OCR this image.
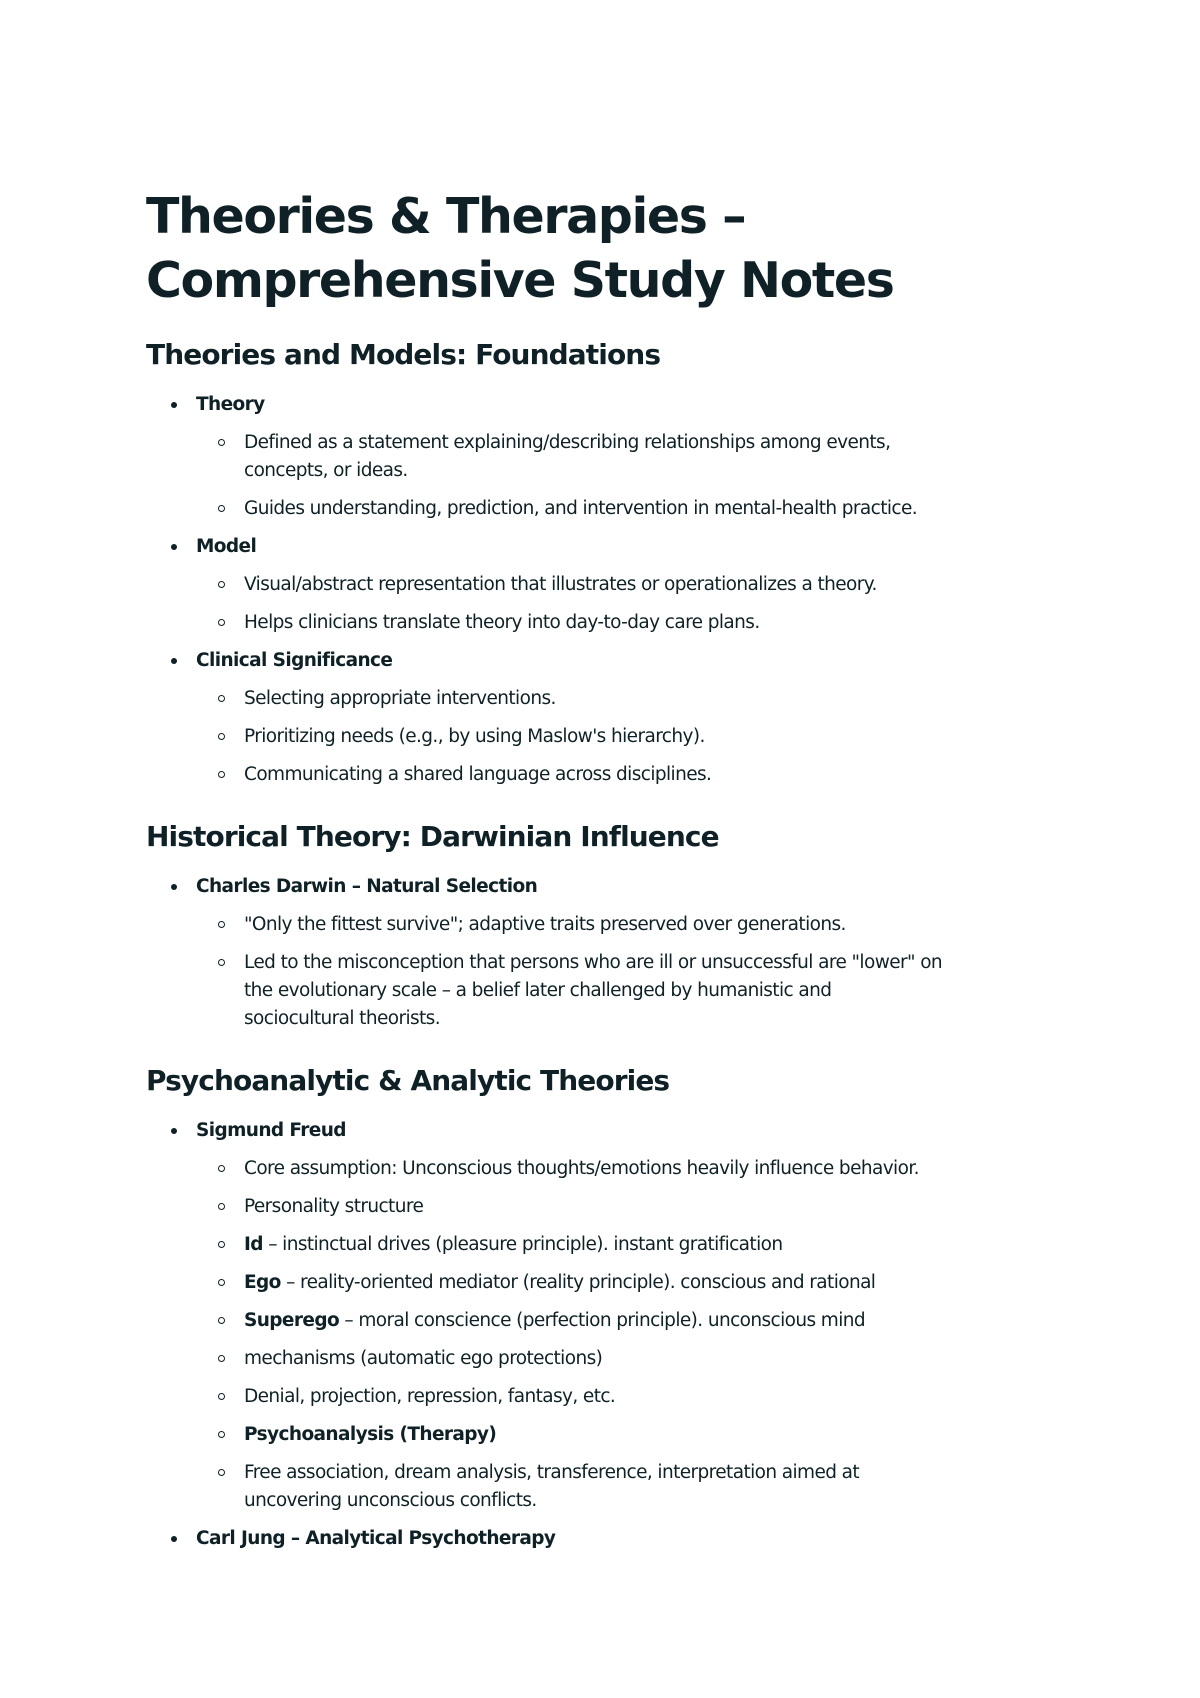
Theories & Therapies – Comprehensive Study Notes
Theories and Models: Foundations
Theory
Defined as a statement explaining/describing relationships among events, concepts, or ideas.
Guides understanding, prediction, and intervention in mental-health practice.
Model
Visual/abstract representation that illustrates or operationalizes a theory.
Helps clinicians translate theory into day-to-day care plans.
Clinical Significance
Selecting appropriate interventions.
Prioritizing needs (e.g., by using Maslow's hierarchy).
Communicating a shared language across disciplines.
Historical Theory: Darwinian Influence
Charles Darwin – Natural Selection
"Only the fittest survive"; adaptive traits preserved over generations.
Led to the misconception that persons who are ill or unsuccessful are "lower" on the evolutionary scale – a belief later challenged by humanistic and sociocultural theorists.
Psychoanalytic & Analytic Theories
Sigmund Freud
Core assumption: Unconscious thoughts/emotions heavily influence behavior.
Personality structure
Id – instinctual drives (pleasure principle). instant gratification
Ego – reality-oriented mediator (reality principle). conscious and rational
Superego – moral conscience (perfection principle). unconscious mind
mechanisms (automatic ego protections)
Denial, projection, repression, fantasy, etc.
Psychoanalysis (Therapy)
Free association, dream analysis, transference, interpretation aimed at uncovering unconscious conflicts.
Carl Jung – Analytical Psychotherapy
